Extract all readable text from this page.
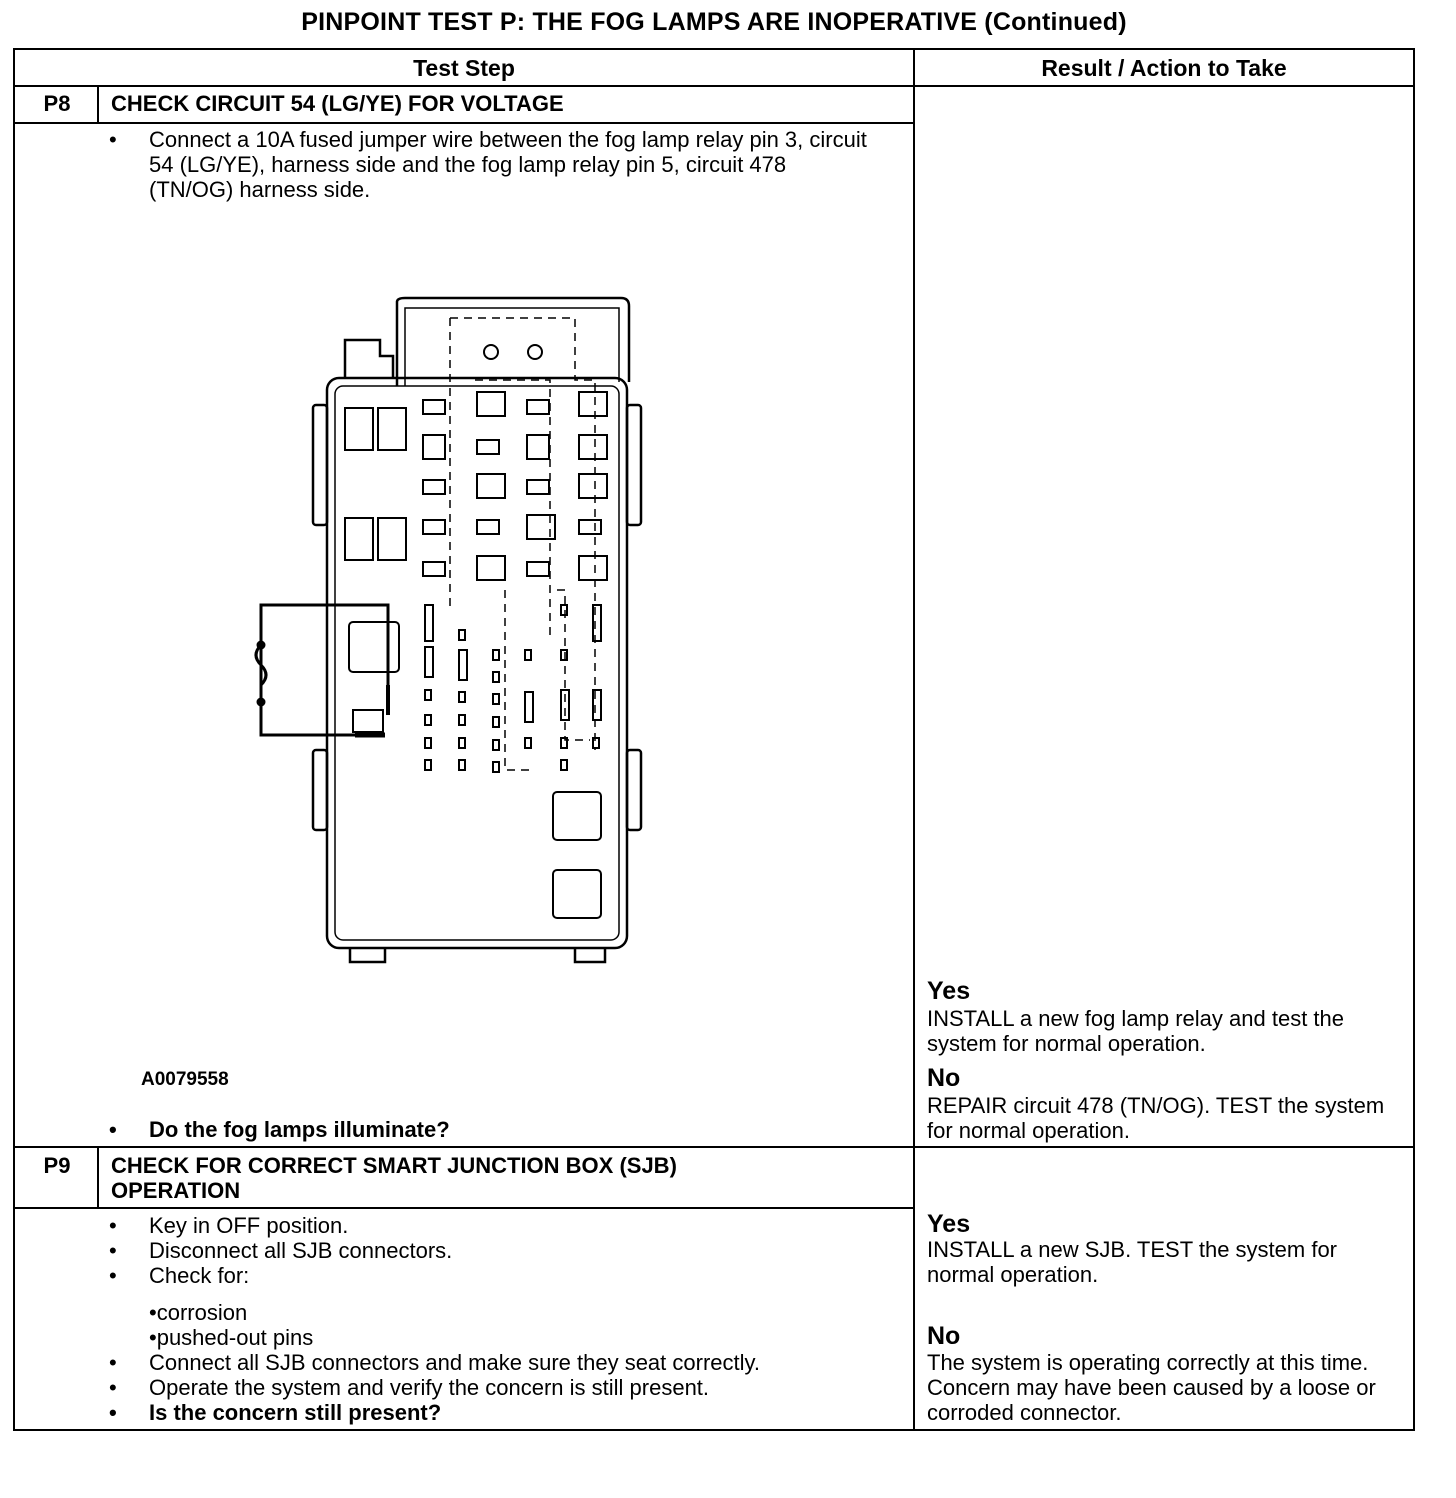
PINPOINT TEST P: THE FOG LAMPS ARE INOPERATIVE (Continued)
Test Step	Result / Action to Take
P8	CHECK CIRCUIT 54 (LG/YE) FOR VOLTAGE
• Connect a 10A fused jumper wire between the fog lamp relay pin 3, circuit 54 (LG/YE), harness side and the fog lamp relay pin 5, circuit 478 (TN/OG) harness side.
A0079558
• Do the fog lamps illuminate?
Yes
INSTALL a new fog lamp relay and test the system for normal operation.
No
REPAIR circuit 478 (TN/OG). TEST the system for normal operation.
P9	CHECK FOR CORRECT SMART JUNCTION BOX (SJB) OPERATION
• Key in OFF position.
• Disconnect all SJB connectors.
• Check for:
• corrosion
• pushed-out pins
• Connect all SJB connectors and make sure they seat correctly.
• Operate the system and verify the concern is still present.
• Is the concern still present?
Yes
INSTALL a new SJB. TEST the system for normal operation.
No
The system is operating correctly at this time. Concern may have been caused by a loose or corroded connector.
